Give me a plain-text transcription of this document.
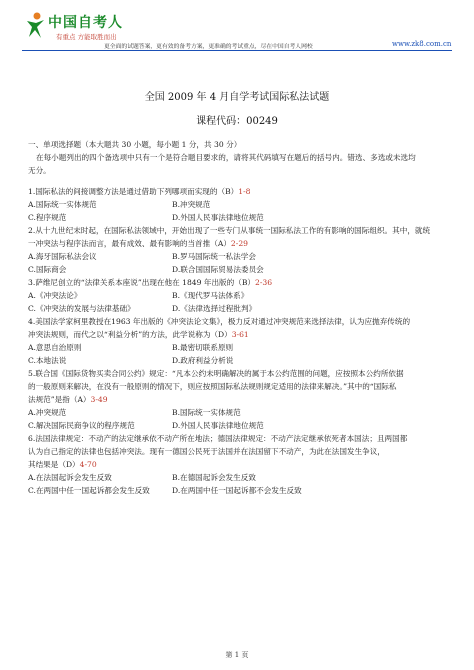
中国自考人
有重点 方能取胜而出
更全面的试题答案，更有效的备考方案，更准确的考试重点，尽在中国自考人网校	www.zk8.com.cn
全国 2009 年 4 月自学考试国际私法试题
课程代码：00249
一、单项选择题（本大题共 30 小题，每小题 1 分，共 30 分）
在每小题列出的四个备选项中只有一个是符合题目要求的，请将其代码填写在题后的括号内。错选、多选或未选均
无分。
1.国际私法的间接调整方法是通过借助下列哪项而实现的（B）1-8
A.国际统一实体规范	B.冲突规范
C.程序规范	D.外国人民事法律地位规范
2.从十九世纪末时起，在国际私法领域中，开始出现了一些专门从事统一国际私法工作的有影响的国际组织。其中，就统
一冲突法与程序法而言，最有成效、最有影响的当首推（A）2-29
A.海牙国际私法会议	B.罗马国际统一私法学会
C.国际商会	D.联合国国际贸易法委员会
3.萨维尼创立的“法律关系本座说”出现在他在 1849 年出版的（B）2-36
A.《冲突法论》	B.《现代罗马法体系》
C.《冲突法的发展与法律基础》	D.《法律选择过程批判》
4.美国法学家柯里教授在1963 年出版的《冲突法论文集》，极力反对通过冲突规范来选择法律，认为应抛弃传统的
冲突法规则，而代之以“利益分析”的方法，此学说称为（D）3-61
A.意思自治原则	B.最密切联系原则
C.本地法说	D.政府利益分析说
5.联合国《国际货物买卖合同公约》规定：“凡本公约未明确解决的属于本公约范围的问题，应按照本公约所依据
的一般原则来解决，在没有一般原则的情况下，则应按照国际私法规则规定适用的法律来解决。”其中的“国际私
法规范”是指（A）3-49
A.冲突规范	B.国际统一实体规范
C.解决国际民商争议的程序规范	D.外国人民事法律地位规范
6.法国法律规定：不动产的法定继承依不动产所在地法；德国法律规定：不动产法定继承依死者本国法；且两国都
认为自己指定的法律也包括冲突法。现有一德国公民死于法国并在法国留下不动产，为此在法国发生争议，
其结果是（D）4-70
A.在法国起诉会发生反致	B.在德国起诉会发生反致
C.在两国中任一国起诉都会发生反致	D.在两国中任一国起诉都不会发生反致
第 1 页
